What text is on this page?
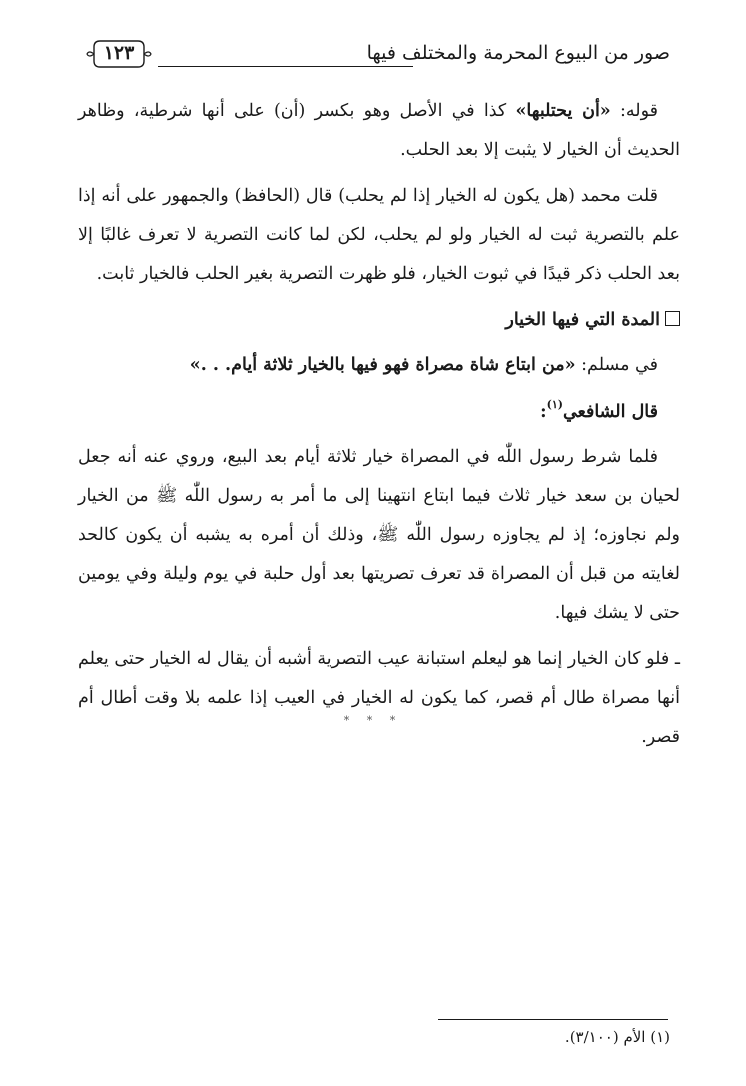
صور من البيوع المحرمة والمختلف فيها
١٢٣

قوله: «أن يحتلبها» كذا في الأصل وهو بكسر (أن) على أنها شرطية، وظاهر الحديث أن الخيار لا يثبت إلا بعد الحلب.

قلت محمد (هل يكون له الخيار إذا لم يحلب) قال (الحافظ) والجمهور على أنه إذا علم بالتصرية ثبت له الخيار ولو لم يحلب، لكن لما كانت التصرية لا تعرف غالبًا إلا بعد الحلب ذكر قيدًا في ثبوت الخيار، فلو ظهرت التصرية بغير الحلب فالخيار ثابت.

المدة التي فيها الخيار

في مسلم: «من ابتاع شاة مصراة فهو فيها بالخيار ثلاثة أيام. . .»

قال الشافعي$^{(١)}$:

فلما شرط رسول اللّٰه في المصراة خيار ثلاثة أيام بعد البيع، وروي عنه أنه جعل لحيان بن سعد خيار ثلاث فيما ابتاع انتهينا إلى ما أمر به رسول اللّٰه ﷺ من الخيار ولم نجاوزه؛ إذ لم يجاوزه رسول اللّٰه ﷺ، وذلك أن أمره به يشبه أن يكون كالحد لغايته من قبل أن المصراة قد تعرف تصريتها بعد أول حلبة في يوم وليلة وفي يومين حتى لا يشك فيها.

ـ فلو كان الخيار إنما هو ليعلم استبانة عيب التصرية أشبه أن يقال له الخيار حتى يعلم أنها مصراة طال أم قصر، كما يكون له الخيار في العيب إذا علمه بلا وقت أطال أم قصر.

* * *
(١) الأم (٣/١٠٠).
